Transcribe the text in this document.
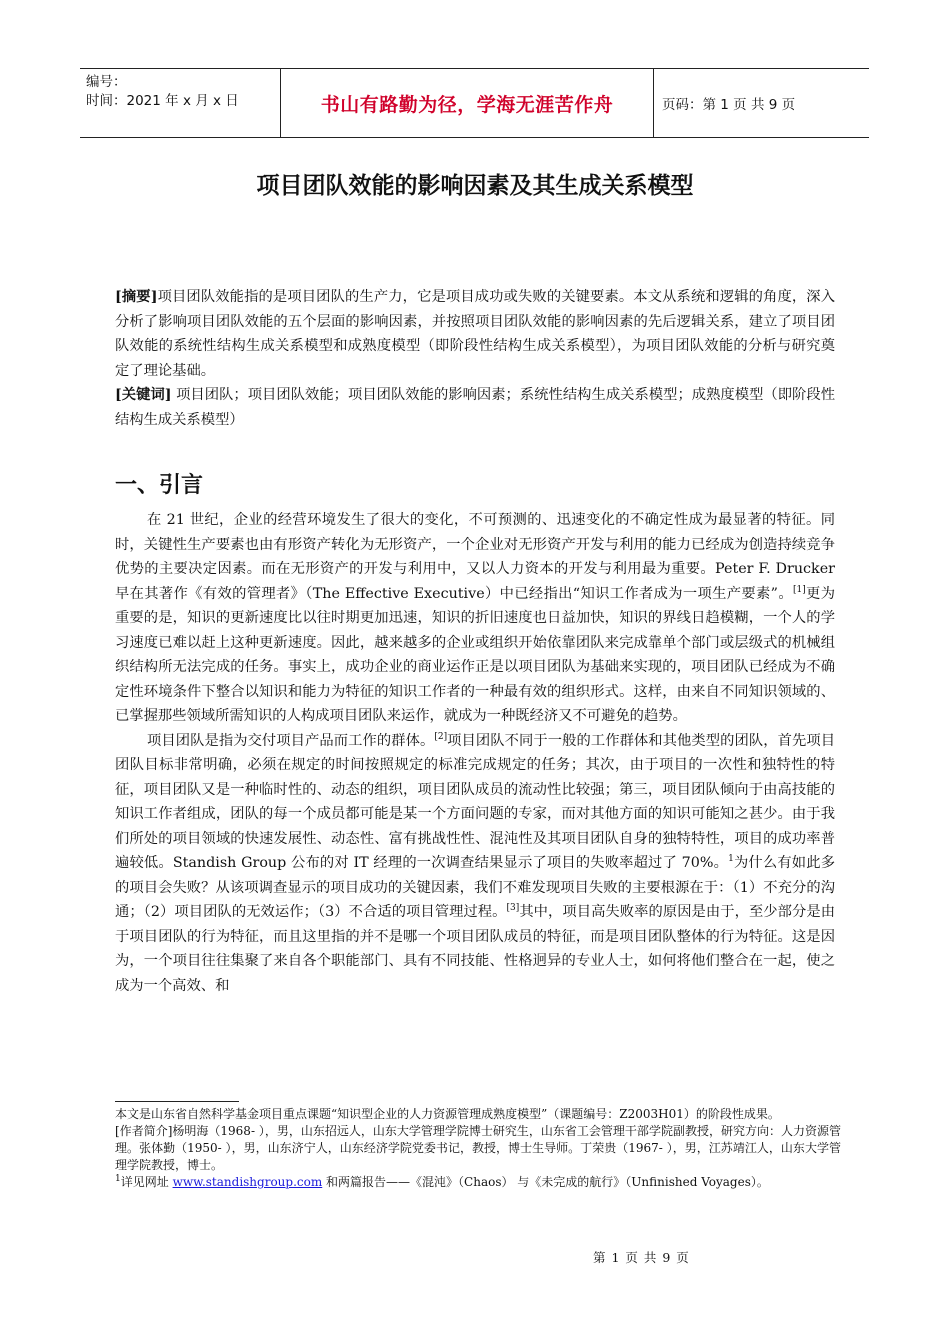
编号：
时间：2021 年 x 月 x 日	书山有路勤为径，学海无涯苦作舟	页码：第 1 页 共 9 页
项目团队效能的影响因素及其生成关系模型
[摘要]项目团队效能指的是项目团队的生产力，它是项目成功或失败的关键要素。本文从系统和逻辑的角度，深入分析了影响项目团队效能的五个层面的影响因素，并按照项目团队效能的影响因素的先后逻辑关系，建立了项目团队效能的系统性结构生成关系模型和成熟度模型（即阶段性结构生成关系模型），为项目团队效能的分析与研究奠定了理论基础。
[关键词] 项目团队；项目团队效能；项目团队效能的影响因素；系统性结构生成关系模型；成熟度模型（即阶段性结构生成关系模型）
一、引言

在 21 世纪，企业的经营环境发生了很大的变化，不可预测的、迅速变化的不确定性成为最显著的特征。同时，关键性生产要素也由有形资产转化为无形资产，一个企业对无形资产开发与利用的能力已经成为创造持续竞争优势的主要决定因素。而在无形资产的开发与利用中，又以人力资本的开发与利用最为重要。Peter F. Drucker 早在其著作《有效的管理者》（The Effective Executive）中已经指出“知识工作者成为一项生产要素”。[1]更为重要的是，知识的更新速度比以往时期更加迅速，知识的折旧速度也日益加快，知识的界线日趋模糊，一个人的学习速度已难以赶上这种更新速度。因此，越来越多的企业或组织开始依靠团队来完成靠单个部门或层级式的机械组织结构所无法完成的任务。事实上，成功企业的商业运作正是以项目团队为基础来实现的，项目团队已经成为不确定性环境条件下整合以知识和能力为特征的知识工作者的一种最有效的组织形式。这样，由来自不同知识领域的、已掌握那些领域所需知识的人构成项目团队来运作，就成为一种既经济又不可避免的趋势。

项目团队是指为交付项目产品而工作的群体。[2]项目团队不同于一般的工作群体和其他类型的团队，首先项目团队目标非常明确，必须在规定的时间按照规定的标准完成规定的任务；其次，由于项目的一次性和独特性的特征，项目团队又是一种临时性的、动态的组织，项目团队成员的流动性比较强；第三，项目团队倾向于由高技能的知识工作者组成，团队的每一个成员都可能是某一个方面问题的专家，而对其他方面的知识可能知之甚少。由于我们所处的项目领域的快速发展性、动态性、富有挑战性性、混沌性及其项目团队自身的独特特性，项目的成功率普遍较低。Standish Group 公布的对 IT 经理的一次调查结果显示了项目的失败率超过了 70%。$^1$为什么有如此多的项目会失败？从该项调查显示的项目成功的关键因素，我们不难发现项目失败的主要根源在于：（1）不充分的沟通；（2）项目团队的无效运作；（3）不合适的项目管理过程。[3]其中，项目高失败率的原因是由于，至少部分是由于项目团队的行为特征，而且这里指的并不是哪一个项目团队成员的特征，而是项目团队整体的行为特征。这是因为，一个项目往往集聚了来自各个职能部门、具有不同技能、性格迥异的专业人士，如何将他们整合在一起，使之成为一个高效、和

本文是山东省自然科学基金项目重点课题“知识型企业的人力资源管理成熟度模型”（课题编号：Z2003H01）的阶段性成果。

[作者简介]杨明海（1968- ），男，山东招远人，山东大学管理学院博士研究生，山东省工会管理干部学院副教授，研究方向：人力资源管理。张体勤（1950- ），男，山东济宁人，山东经济学院党委书记，教授，博士生导师。丁荣贵（1967- ），男，江苏靖江人，山东大学管理学院教授，博士。

$^1$详见网址 www.standishgroup.com 和两篇报告——《混沌》（Chaos） 与《未完成的航行》（Unfinished Voyages）。

第 1 页 共 9 页
